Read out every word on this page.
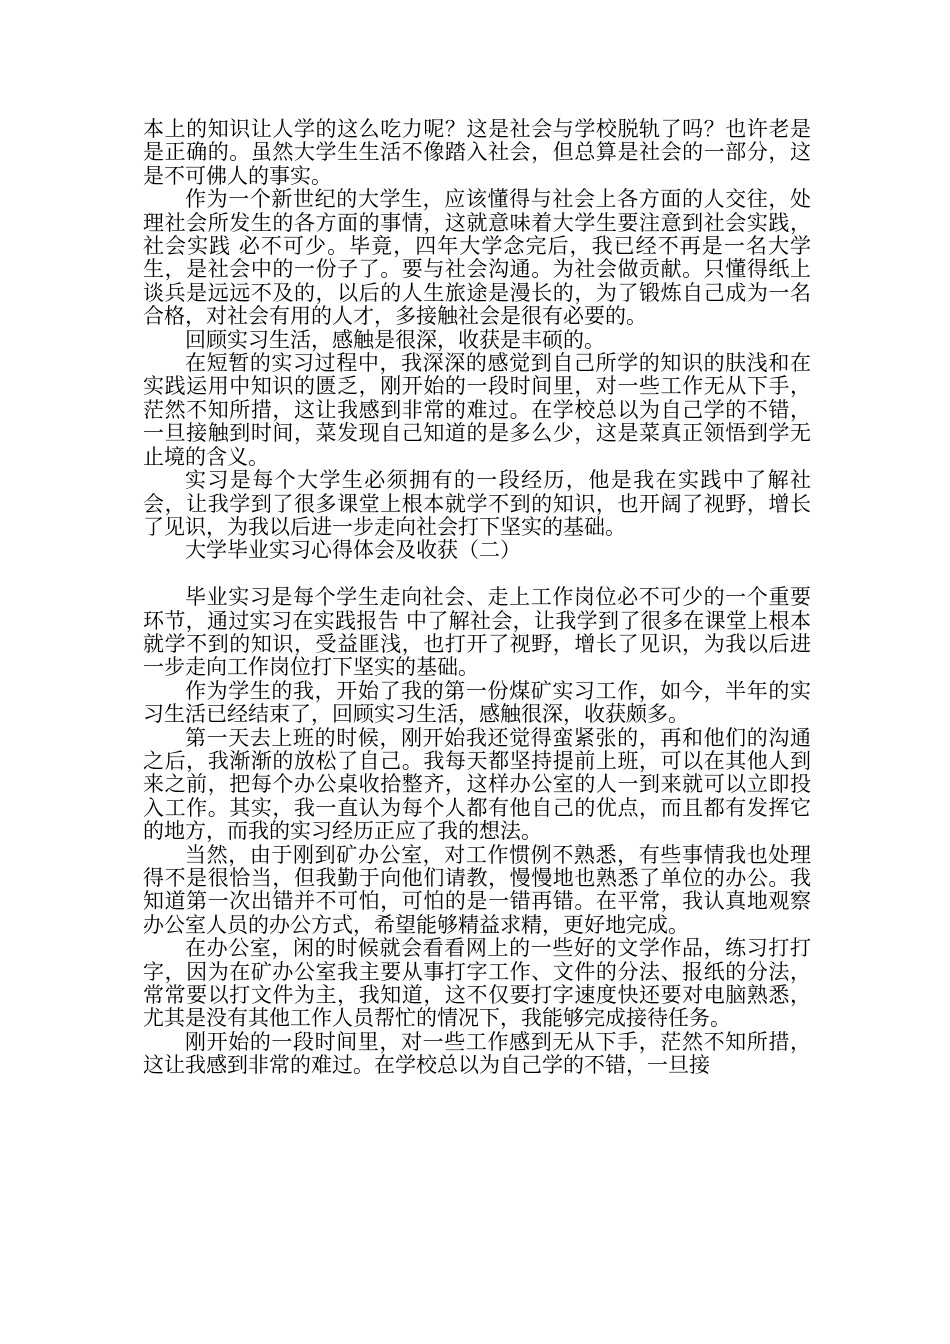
本上的知识让人学的这么吃力呢？这是社会与学校脱轨了吗？也许老是是正确的。虽然大学生生活不像踏入社会，但总算是社会的一部分，这是不可佛人的事实。

作为一个新世纪的大学生，应该懂得与社会上各方面的人交往，处理社会所发生的各方面的事情，这就意味着大学生要注意到社会实践，社会实践 必不可少。毕竟，四年大学念完后，我已经不再是一名大学生，是社会中的一份子了。要与社会沟通。为社会做贡献。只懂得纸上谈兵是远远不及的，以后的人生旅途是漫长的，为了锻炼自己成为一名合格，对社会有用的人才，多接触社会是很有必要的。

回顾实习生活，感触是很深，收获是丰硕的。

在短暂的实习过程中，我深深的感觉到自己所学的知识的肤浅和在实践运用中知识的匮乏，刚开始的一段时间里，对一些工作无从下手，茫然不知所措，这让我感到非常的难过。在学校总以为自己学的不错，一旦接触到时间，菜发现自己知道的是多么少，这是菜真正领悟到学无止境的含义。

实习是每个大学生必须拥有的一段经历，他是我在实践中了解社会，让我学到了很多课堂上根本就学不到的知识，也开阔了视野，增长了见识，为我以后进一步走向社会打下坚实的基础。

大学毕业实习心得体会及收获（二）

毕业实习是每个学生走向社会、走上工作岗位必不可少的一个重要环节，通过实习在实践报告 中了解社会，让我学到了很多在课堂上根本就学不到的知识，受益匪浅，也打开了视野，增长了见识，为我以后进一步走向工作岗位打下坚实的基础。

作为学生的我，开始了我的第一份煤矿实习工作，如今，半年的实习生活已经结束了，回顾实习生活，感触很深，收获颇多。

第一天去上班的时候，刚开始我还觉得蛮紧张的，再和他们的沟通之后，我渐渐的放松了自己。我每天都坚持提前上班，可以在其他人到来之前，把每个办公桌收拾整齐，这样办公室的人一到来就可以立即投入工作。其实，我一直认为每个人都有他自己的优点，而且都有发挥它的地方，而我的实习经历正应了我的想法。

当然，由于刚到矿办公室，对工作惯例不熟悉，有些事情我也处理得不是很恰当，但我勤于向他们请教，慢慢地也熟悉了单位的办公。我知道第一次出错并不可怕，可怕的是一错再错。在平常，我认真地观察办公室人员的办公方式，希望能够精益求精，更好地完成。

在办公室，闲的时候就会看看网上的一些好的文学作品，练习打打字，因为在矿办公室我主要从事打字工作、文件的分法、报纸的分法，常常要以打文件为主，我知道，这不仅要打字速度快还要对电脑熟悉，尤其是没有其他工作人员帮忙的情况下，我能够完成接待任务。

刚开始的一段时间里，对一些工作感到无从下手，茫然不知所措，这让我感到非常的难过。在学校总以为自己学的不错，一旦接
